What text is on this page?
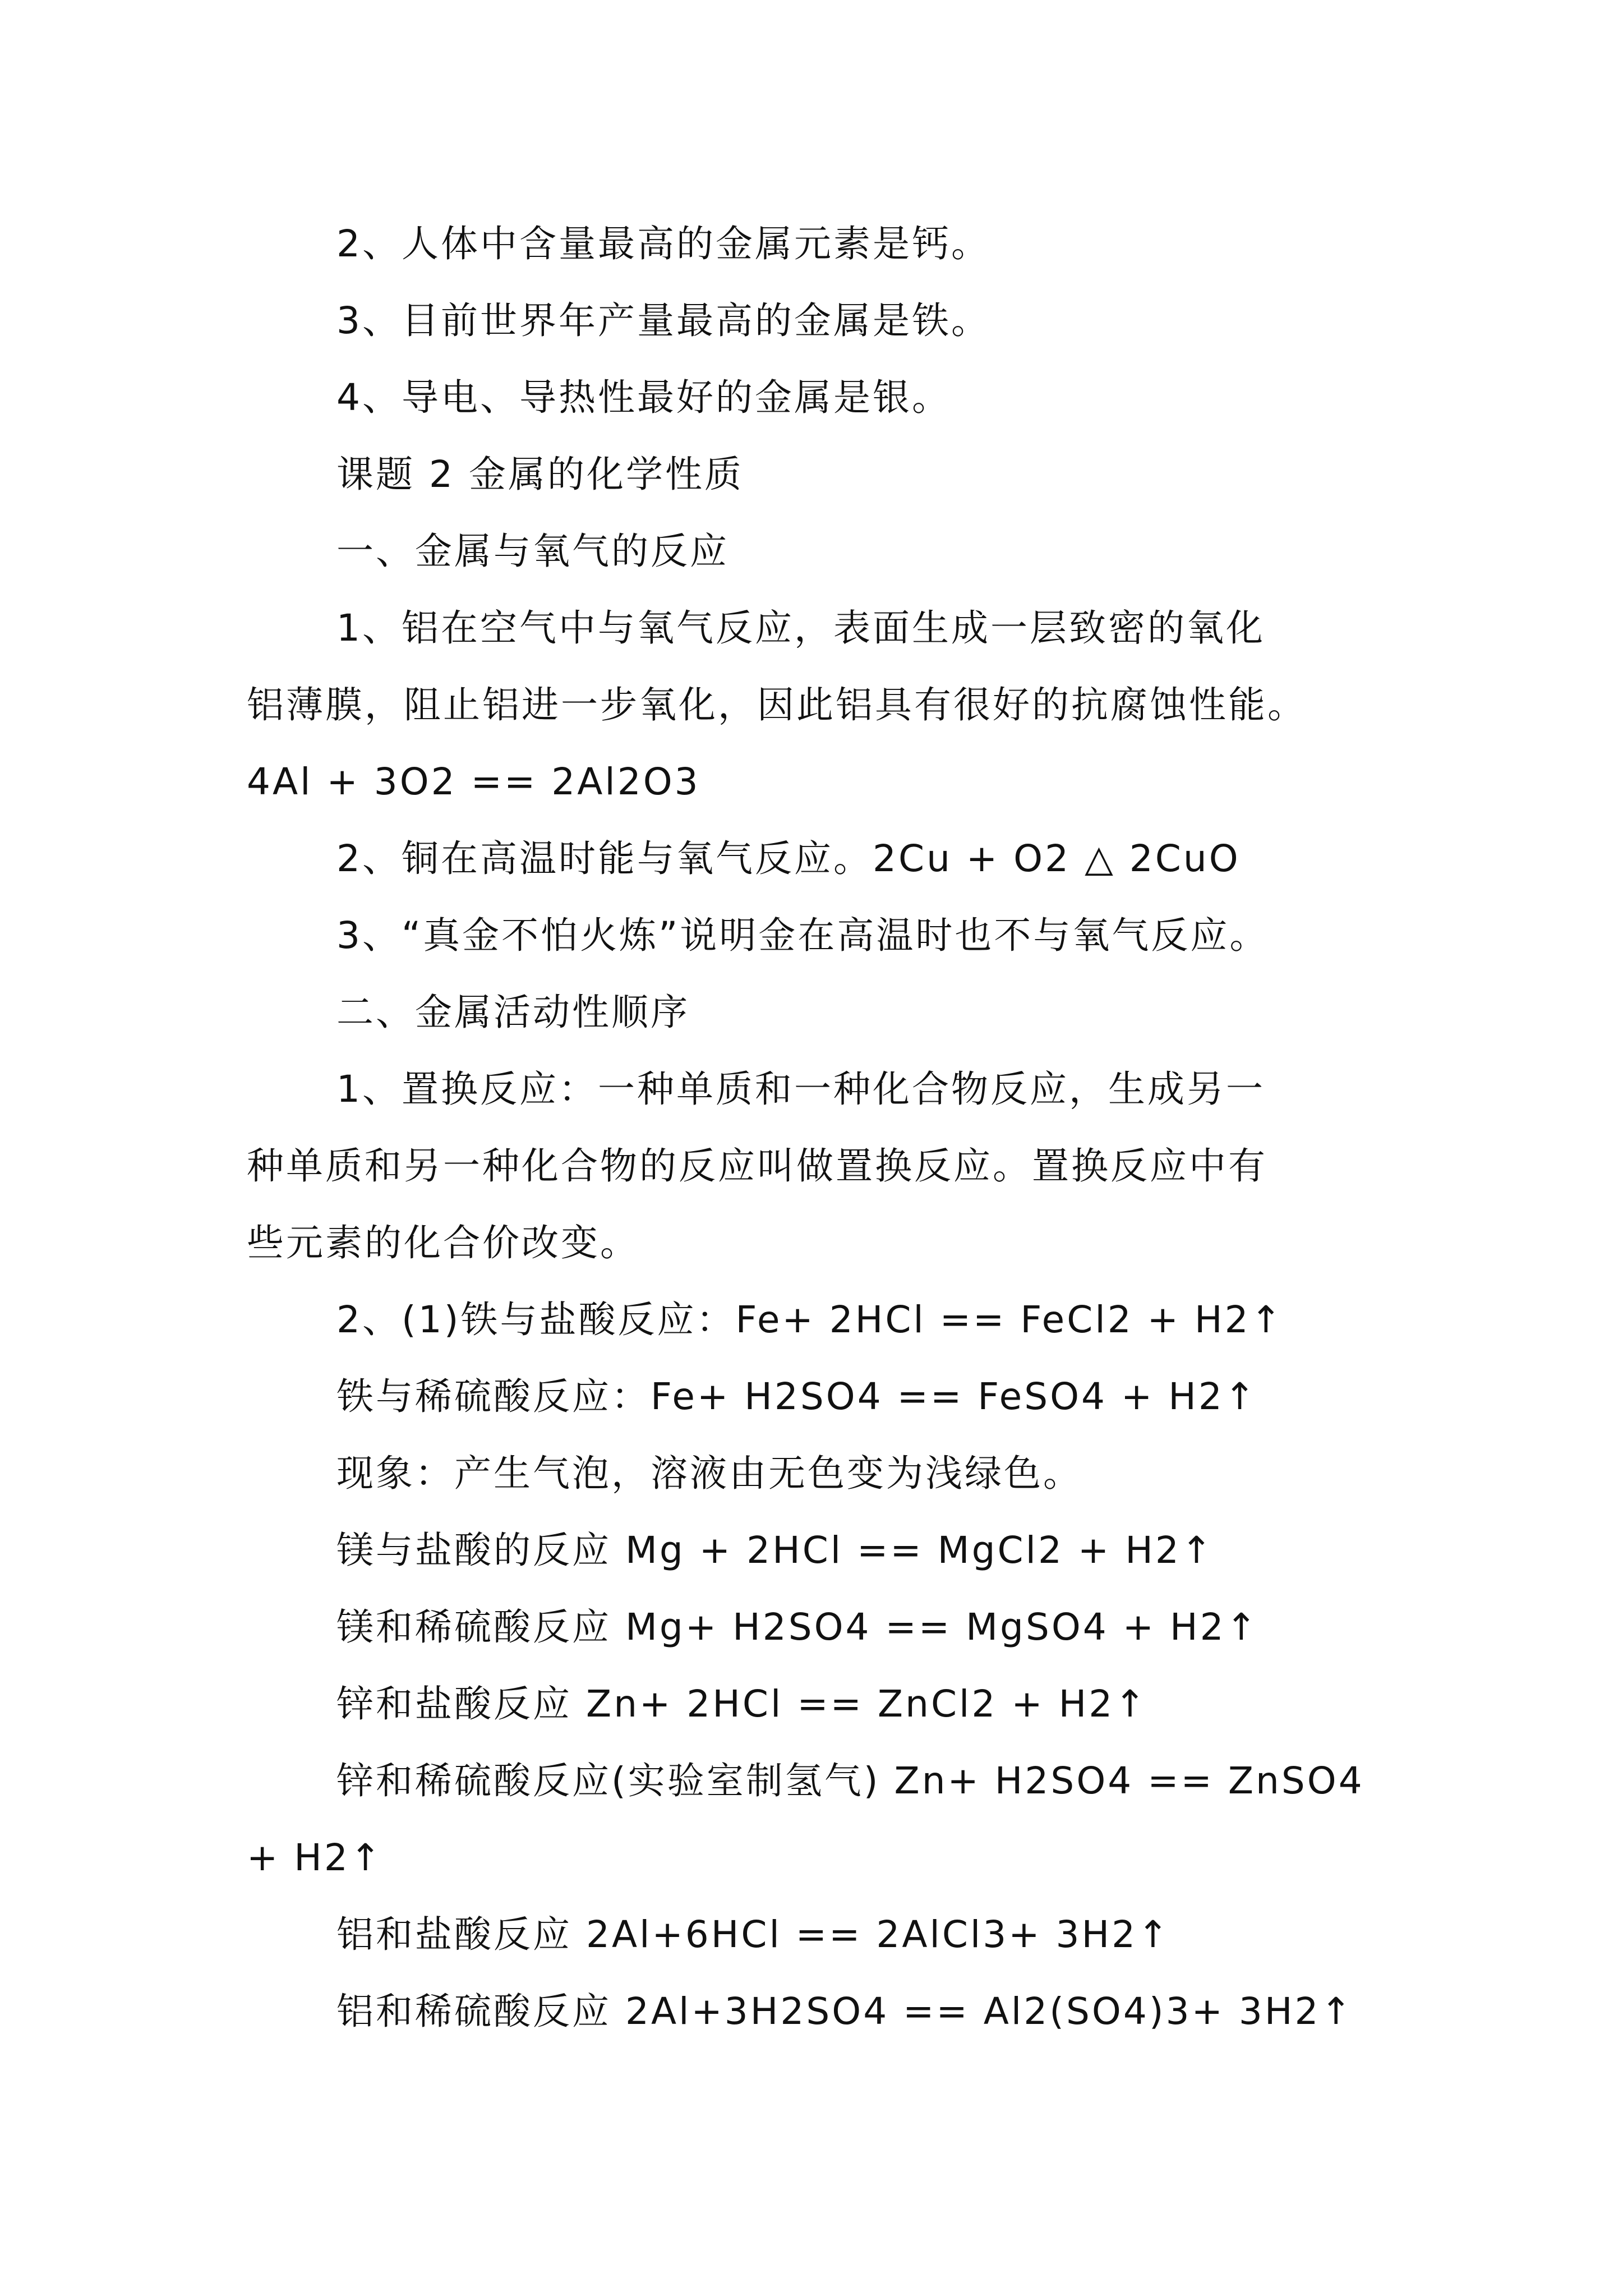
2、人体中含量最高的金属元素是钙。
3、目前世界年产量最高的金属是铁。
4、导电、导热性最好的金属是银。
课题 2 金属的化学性质
一、金属与氧气的反应
1、铝在空气中与氧气反应，表面生成一层致密的氧化
铝薄膜，阻止铝进一步氧化，因此铝具有很好的抗腐蚀性能。
4Al + 3O2 == 2Al2O3
2、铜在高温时能与氧气反应。2Cu + O2 △ 2CuO
3、“真金不怕火炼”说明金在高温时也不与氧气反应。
二、金属活动性顺序
1、置换反应：一种单质和一种化合物反应，生成另一
种单质和另一种化合物的反应叫做置换反应。置换反应中有
些元素的化合价改变。
2、(1)铁与盐酸反应：Fe+ 2HCl == FeCl2 + H2↑
铁与稀硫酸反应：Fe+ H2SO4 == FeSO4 + H2↑
现象：产生气泡，溶液由无色变为浅绿色。
镁与盐酸的反应 Mg + 2HCl == MgCl2 + H2↑
镁和稀硫酸反应 Mg+ H2SO4 == MgSO4 + H2↑
锌和盐酸反应 Zn+ 2HCl == ZnCl2 + H2↑
锌和稀硫酸反应(实验室制氢气) Zn+ H2SO4 == ZnSO4
+ H2↑
铝和盐酸反应 2Al+6HCl == 2AlCl3+ 3H2↑
铝和稀硫酸反应 2Al+3H2SO4 == Al2(SO4)3+ 3H2↑
